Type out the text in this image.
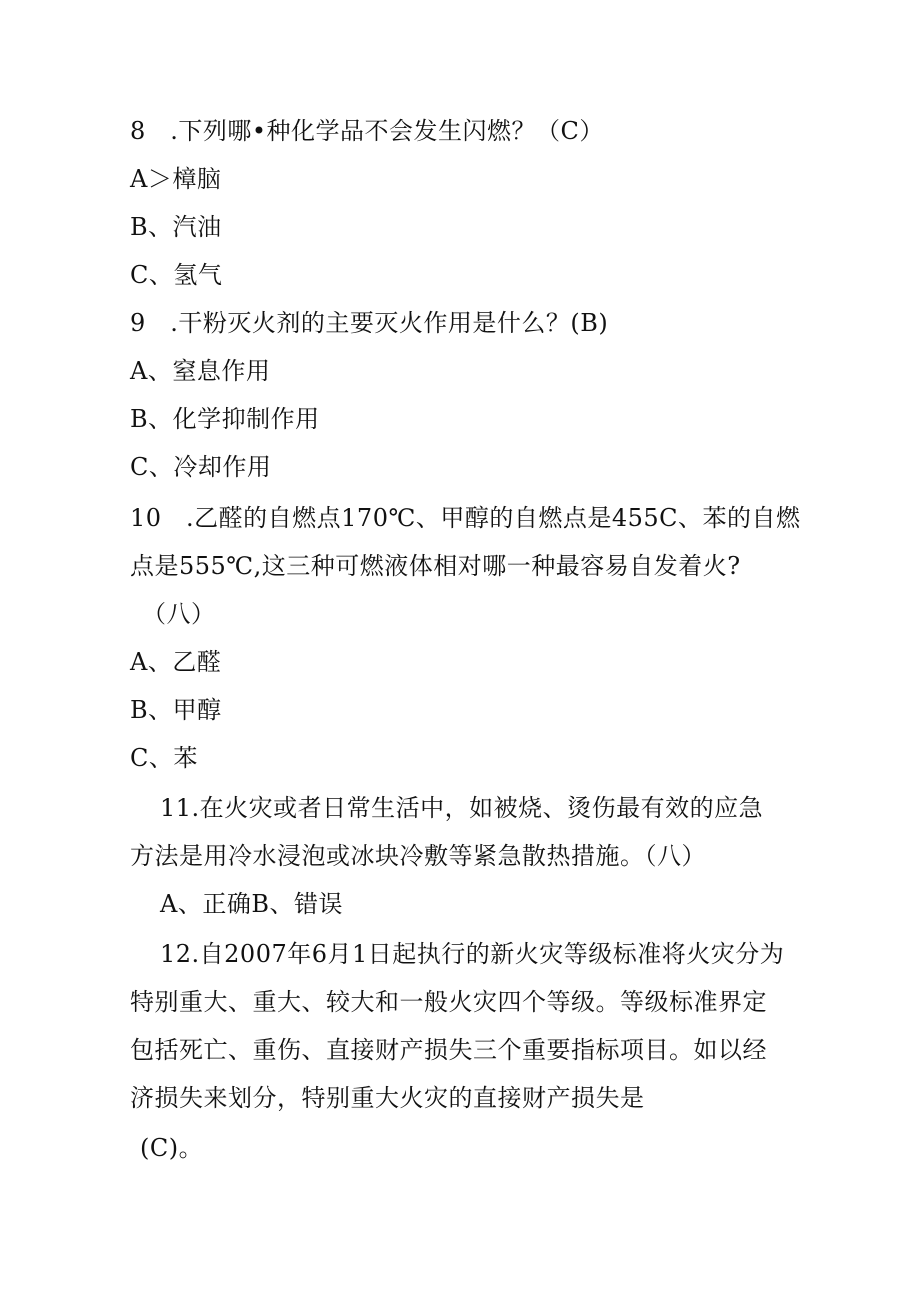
8　.下列哪•种化学品不会发生闪燃？（C）
A＞樟脑
B、汽油
C、氢气
9　.干粉灭火剂的主要灭火作用是什么？(B)
A、窒息作用
B、化学抑制作用
C、冷却作用
10　.乙醛的自燃点170℃、甲醇的自燃点是455C、苯的自燃
点是555℃,这三种可燃液体相对哪一种最容易自发着火?
（八）
A、乙醛
B、甲醇
C、苯
11.在火灾或者日常生活中，如被烧、烫伤最有效的应急
方法是用冷水浸泡或冰块冷敷等紧急散热措施。（八）
A、正确B、错误
12.自2007年6月1日起执行的新火灾等级标准将火灾分为
特别重大、重大、较大和一般火灾四个等级。等级标准界定
包括死亡、重伤、直接财产损失三个重要指标项目。如以经
济损失来划分，特别重大火灾的直接财产损失是
(C)。
